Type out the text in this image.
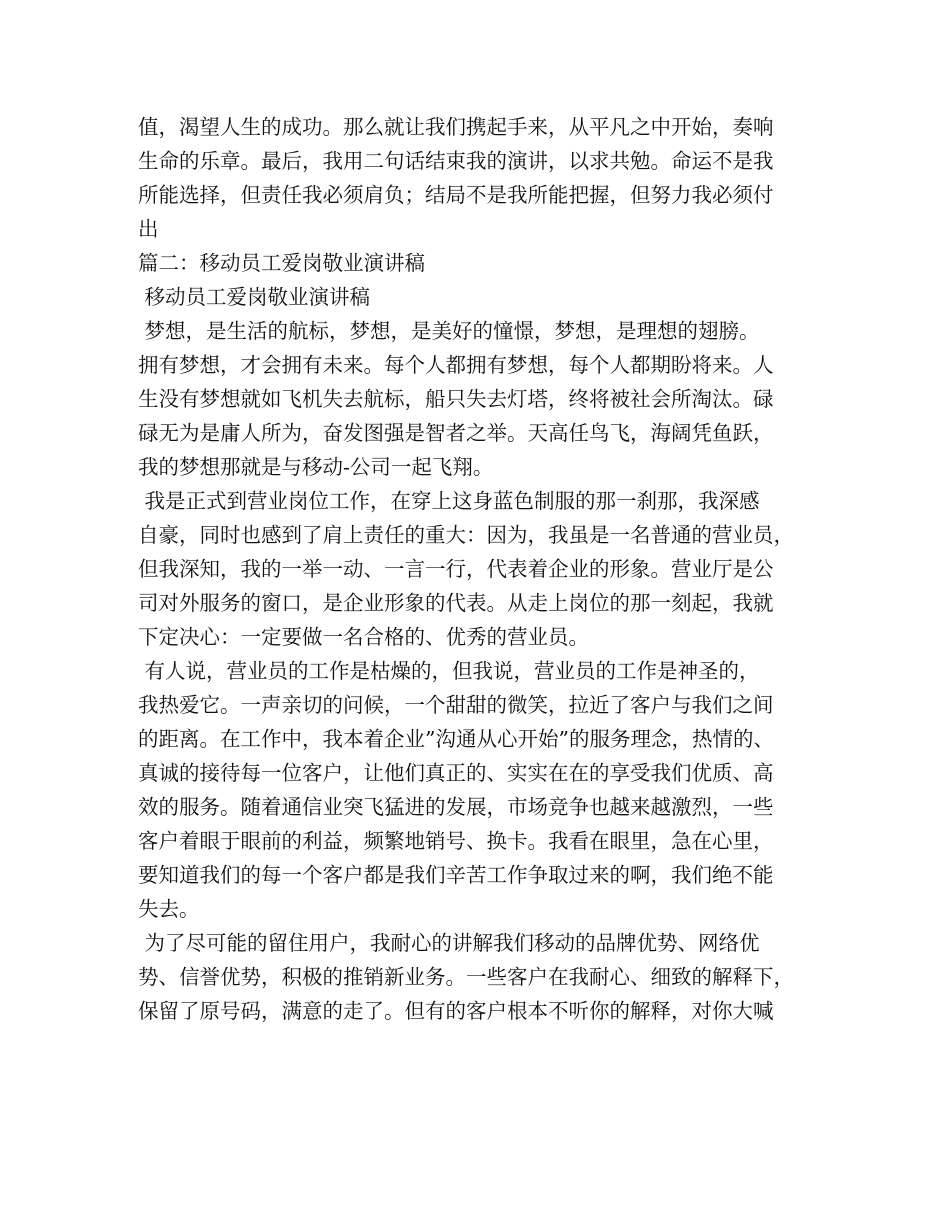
值，渴望人生的成功。那么就让我们携起手来，从平凡之中开始，奏响
生命的乐章。最后，我用二句话结束我的演讲，以求共勉。命运不是我
所能选择，但责任我必须肩负；结局不是我所能把握，但努力我必须付
出
篇二：移动员工爱岗敬业演讲稿
移动员工爱岗敬业演讲稿
梦想，是生活的航标，梦想，是美好的憧憬，梦想，是理想的翅膀。
拥有梦想，才会拥有未来。每个人都拥有梦想，每个人都期盼将来。人
生没有梦想就如飞机失去航标，船只失去灯塔，终将被社会所淘汰。碌
碌无为是庸人所为，奋发图强是智者之举。天高任鸟飞，海阔凭鱼跃，
我的梦想那就是与移动-公司一起飞翔。
我是正式到营业岗位工作，在穿上这身蓝色制服的那一刹那，我深感
自豪，同时也感到了肩上责任的重大：因为，我虽是一名普通的营业员，
但我深知，我的一举一动、一言一行，代表着企业的形象。营业厅是公
司对外服务的窗口，是企业形象的代表。从走上岗位的那一刻起，我就
下定决心：一定要做一名合格的、优秀的营业员。
有人说，营业员的工作是枯燥的，但我说，营业员的工作是神圣的，
我热爱它。一声亲切的问候，一个甜甜的微笑，拉近了客户与我们之间
的距离。在工作中，我本着企业”沟通从心开始”的服务理念，热情的、
真诚的接待每一位客户，让他们真正的、实实在在的享受我们优质、高
效的服务。随着通信业突飞猛进的发展，市场竞争也越来越激烈，一些
客户着眼于眼前的利益，频繁地销号、换卡。我看在眼里，急在心里，
要知道我们的每一个客户都是我们辛苦工作争取过来的啊，我们绝不能
失去。
为了尽可能的留住用户，我耐心的讲解我们移动的品牌优势、网络优
势、信誉优势，积极的推销新业务。一些客户在我耐心、细致的解释下，
保留了原号码，满意的走了。但有的客户根本不听你的解释，对你大喊
